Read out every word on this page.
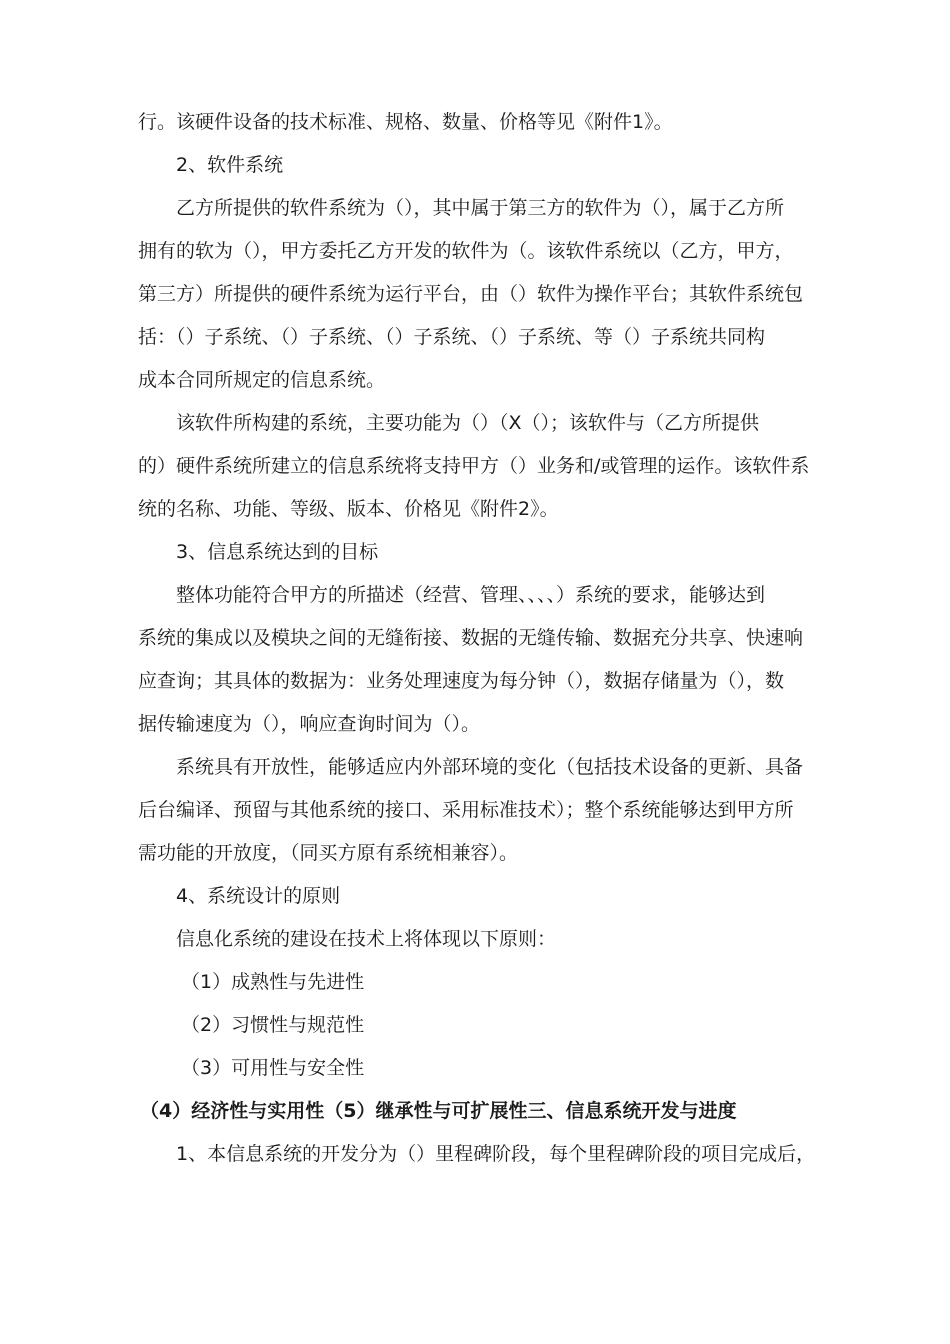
行。该硬件设备的技术标准、规格、数量、价格等见《附件1》。
2、软件系统
乙方所提供的软件系统为（），其中属于第三方的软件为（），属于乙方所
拥有的软为（），甲方委托乙方开发的软件为（。该软件系统以（乙方，甲方，
第三方）所提供的硬件系统为运行平台，由（）软件为操作平台；其软件系统包
括：（）子系统、（）子系统、（）子系统、（）子系统、等（）子系统共同构
成本合同所规定的信息系统。
该软件所构建的系统，主要功能为（）（X（）；该软件与（乙方所提供
的）硬件系统所建立的信息系统将支持甲方（）业务和/或管理的运作。该软件系
统的名称、功能、等级、版本、价格见《附件2》。
3、信息系统达到的目标
整体功能符合甲方的所描述（经营、管理、、、、）系统的要求，能够达到
系统的集成以及模块之间的无缝衔接、数据的无缝传输、数据充分共享、快速响
应查询；其具体的数据为：业务处理速度为每分钟（），数据存储量为（），数
据传输速度为（），响应查询时间为（）。
系统具有开放性，能够适应内外部环境的变化（包括技术设备的更新、具备
后台编译、预留与其他系统的接口、采用标准技术）；整个系统能够达到甲方所
需功能的开放度，（同买方原有系统相兼容）。
4、系统设计的原则
信息化系统的建设在技术上将体现以下原则：
（1）成熟性与先进性
（2）习惯性与规范性
（3）可用性与安全性
（4）经济性与实用性（5）继承性与可扩展性三、信息系统开发与进度
1、本信息系统的开发分为（）里程碑阶段，每个里程碑阶段的项目完成后，
